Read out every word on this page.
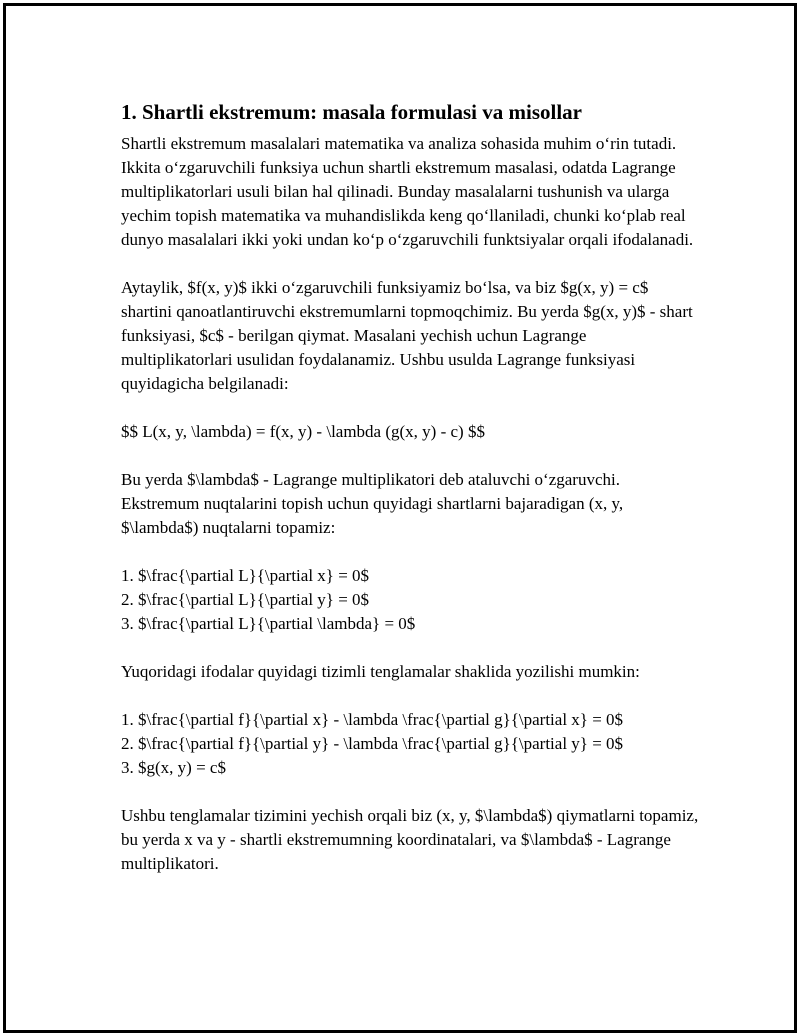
1. Shartli ekstremum: masala formulasi va misollar

Shartli ekstremum masalalari matematika va analiza sohasida muhim o‘rin tutadi. Ikkita o‘zgaruvchili funksiya uchun shartli ekstremum masalasi, odatda Lagrange multiplikatorlari usuli bilan hal qilinadi. Bunday masalalarni tushunish va ularga yechim topish matematika va muhandislikda keng qo‘llaniladi, chunki ko‘plab real dunyo masalalari ikki yoki undan ko‘p o‘zgaruvchili funktsiyalar orqali ifodalanadi.

Aytaylik, $f(x, y)$ ikki o‘zgaruvchili funksiyamiz bo‘lsa, va biz $g(x, y) = c$ shartini qanoatlantiruvchi ekstremumlarni topmoqchimiz. Bu yerda $g(x, y)$ - shart funksiyasi, $c$ - berilgan qiymat. Masalani yechish uchun Lagrange multiplikatorlari usulidan foydalanamiz. Ushbu usulda Lagrange funksiyasi quyidagicha belgilanadi:

$$ L(x, y, \lambda) = f(x, y) - \lambda (g(x, y) - c) $$

Bu yerda $\lambda$ - Lagrange multiplikatori deb ataluvchi o‘zgaruvchi. Ekstremum nuqtalarini topish uchun quyidagi shartlarni bajaradigan (x, y, $\lambda$) nuqtalarni topamiz:

1. $\frac{\partial L}{\partial x} = 0$
2. $\frac{\partial L}{\partial y} = 0$
3. $\frac{\partial L}{\partial \lambda} = 0$

Yuqoridagi ifodalar quyidagi tizimli tenglamalar shaklida yozilishi mumkin:

1. $\frac{\partial f}{\partial x} - \lambda \frac{\partial g}{\partial x} = 0$
2. $\frac{\partial f}{\partial y} - \lambda \frac{\partial g}{\partial y} = 0$
3. $g(x, y) = c$

Ushbu tenglamalar tizimini yechish orqali biz (x, y, $\lambda$) qiymatlarni topamiz, bu yerda x va y - shartli ekstremumning koordinatalari, va $\lambda$ - Lagrange multiplikatori.
